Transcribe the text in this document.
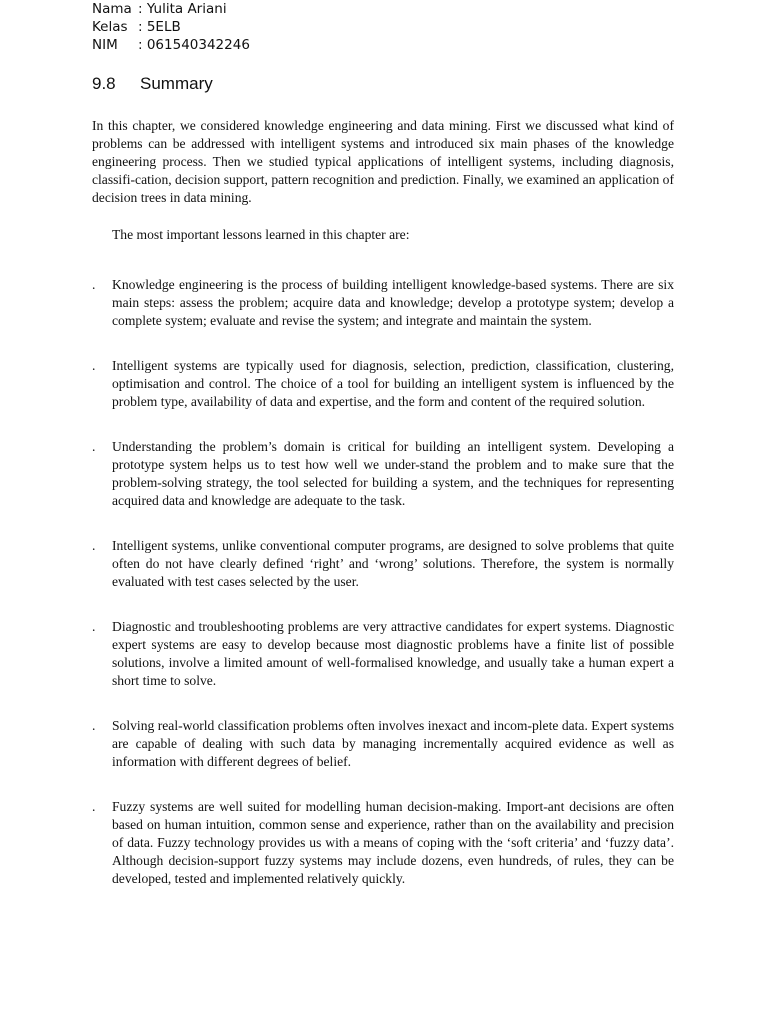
Nama : Yulita Ariani
Kelas : 5ELB
NIM	: 061540342246
9.8	Summary
In this chapter, we considered knowledge engineering and data mining. First we discussed what kind of problems can be addressed with intelligent systems and introduced six main phases of the knowledge engineering process. Then we studied typical applications of intelligent systems, including diagnosis, classifi-cation, decision support, pattern recognition and prediction. Finally, we examined an application of decision trees in data mining.
The most important lessons learned in this chapter are:
.	Knowledge engineering is the process of building intelligent knowledge-based systems. There are six main steps: assess the problem; acquire data and knowledge; develop a prototype system; develop a complete system; evaluate and revise the system; and integrate and maintain the system.
.	Intelligent systems are typically used for diagnosis, selection, prediction, classification, clustering, optimisation and control. The choice of a tool for building an intelligent system is influenced by the problem type, availability of data and expertise, and the form and content of the required solution.
.	Understanding the problem’s domain is critical for building an intelligent system. Developing a prototype system helps us to test how well we under-stand the problem and to make sure that the problem-solving strategy, the tool selected for building a system, and the techniques for representing acquired data and knowledge are adequate to the task.
.	Intelligent systems, unlike conventional computer programs, are designed to solve problems that quite often do not have clearly defined ‘right’ and ‘wrong’ solutions. Therefore, the system is normally evaluated with test cases selected by the user.
.	Diagnostic and troubleshooting problems are very attractive candidates for expert systems. Diagnostic expert systems are easy to develop because most diagnostic problems have a finite list of possible solutions, involve a limited amount of well-formalised knowledge, and usually take a human expert a short time to solve.
.	Solving real-world classification problems often involves inexact and incom-plete data. Expert systems are capable of dealing with such data by managing incrementally acquired evidence as well as information with different degrees of belief.
.	Fuzzy systems are well suited for modelling human decision-making. Import-ant decisions are often based on human intuition, common sense and experience, rather than on the availability and precision of data. Fuzzy technology provides us with a means of coping with the ‘soft criteria’ and ‘fuzzy data’. Although decision-support fuzzy systems may include dozens, even hundreds, of rules, they can be developed, tested and implemented relatively quickly.
